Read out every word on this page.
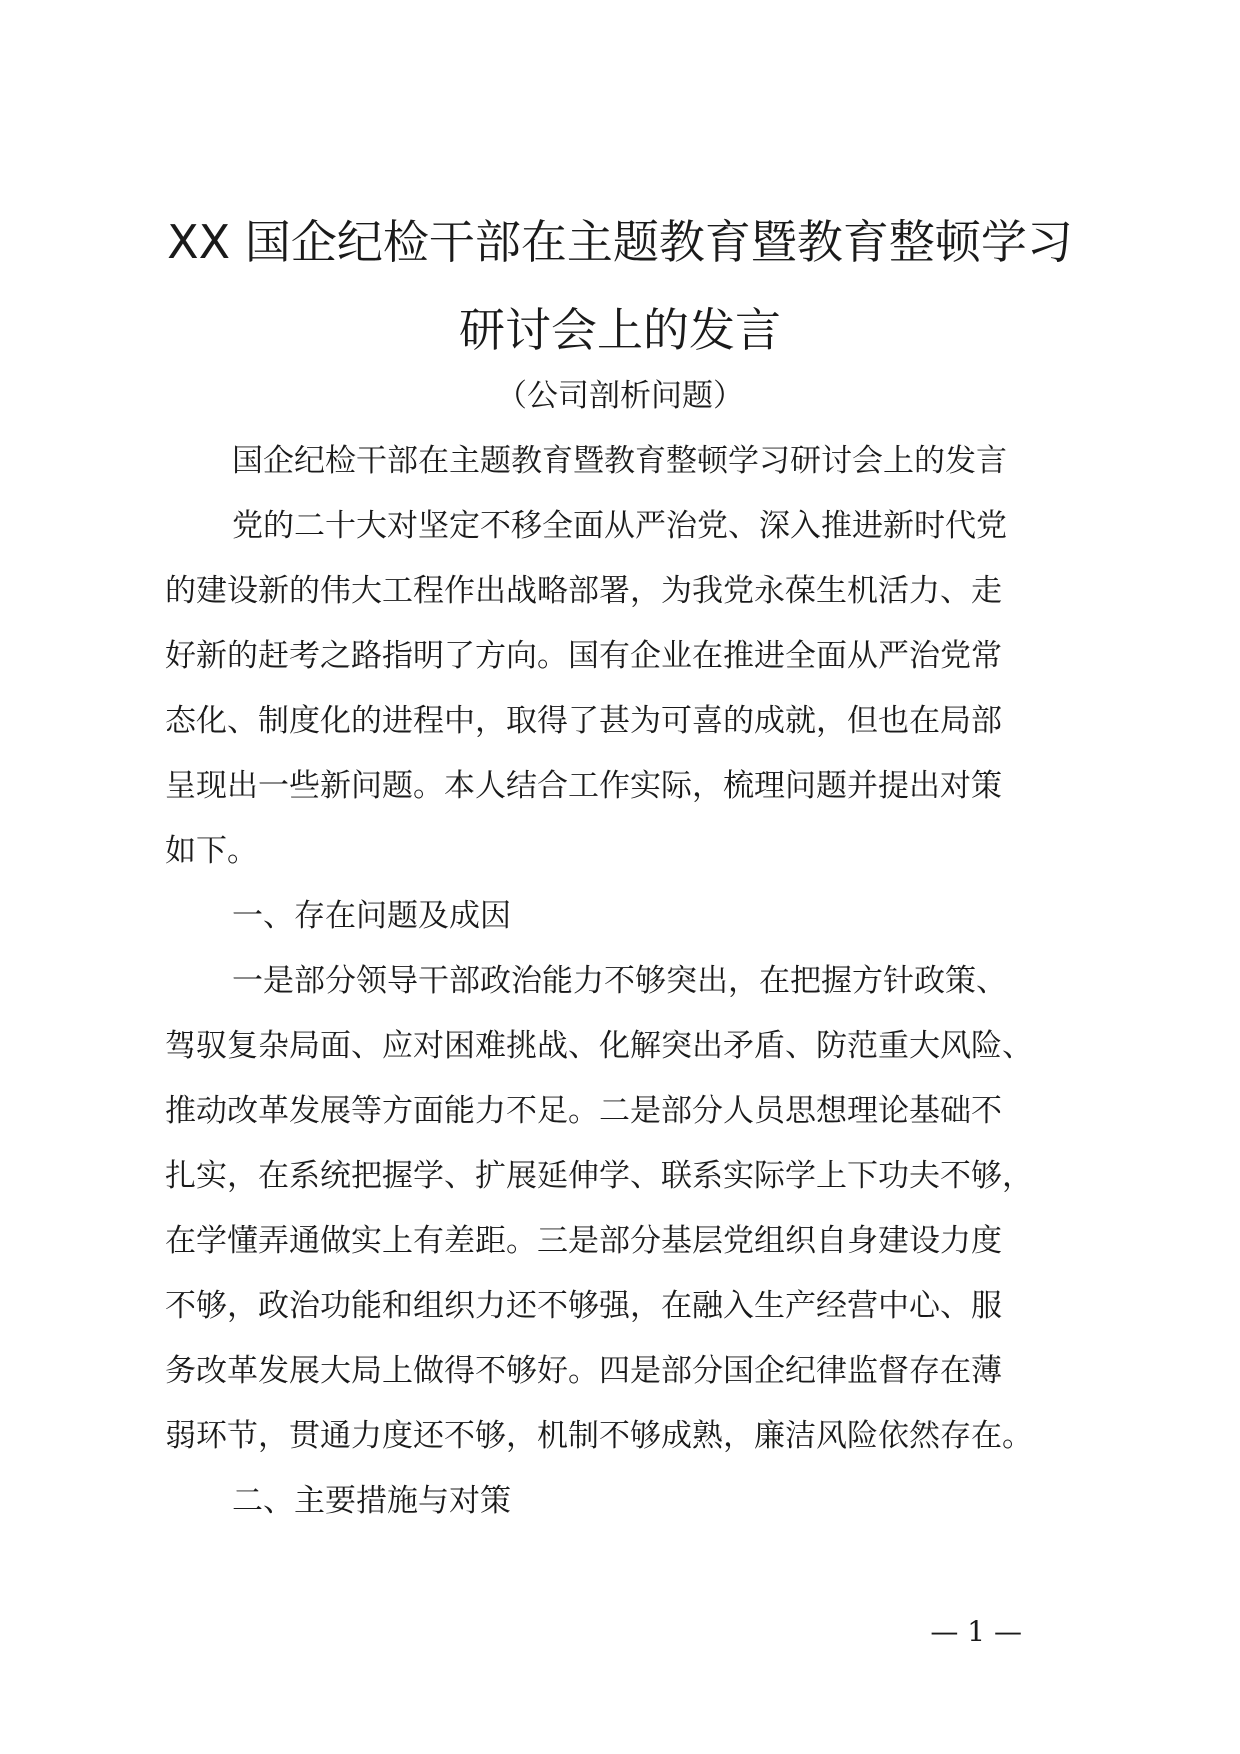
XX 国企纪检干部在主题教育暨教育整顿学习
研讨会上的发言
（公司剖析问题）
国企纪检干部在主题教育暨教育整顿学习研讨会上的发言
党的二十大对坚定不移全面从严治党、深入推进新时代党
的建设新的伟大工程作出战略部署，为我党永葆生机活力、走
好新的赶考之路指明了方向。国有企业在推进全面从严治党常
态化、制度化的进程中，取得了甚为可喜的成就，但也在局部
呈现出一些新问题。本人结合工作实际，梳理问题并提出对策
如下。
一、存在问题及成因
一是部分领导干部政治能力不够突出，在把握方针政策、
驾驭复杂局面、应对困难挑战、化解突出矛盾、防范重大风险、
推动改革发展等方面能力不足。二是部分人员思想理论基础不
扎实，在系统把握学、扩展延伸学、联系实际学上下功夫不够，
在学懂弄通做实上有差距。三是部分基层党组织自身建设力度
不够，政治功能和组织力还不够强，在融入生产经营中心、服
务改革发展大局上做得不够好。四是部分国企纪律监督存在薄
弱环节，贯通力度还不够，机制不够成熟，廉洁风险依然存在。
二、主要措施与对策
— 1 —
